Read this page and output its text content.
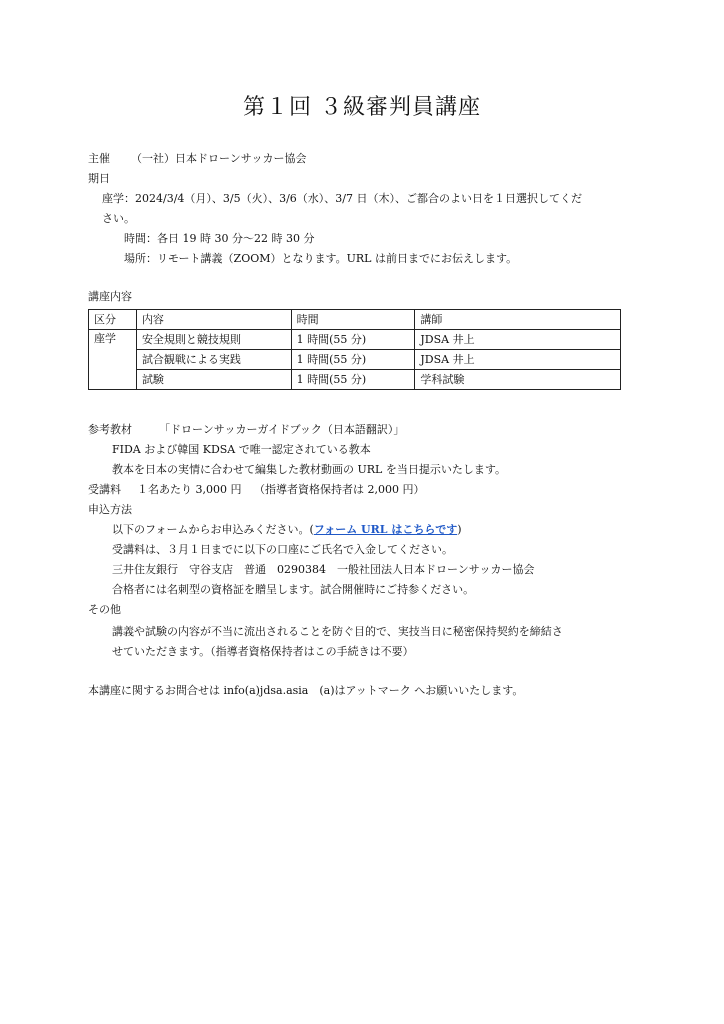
第１回 ３級審判員講座
主催 （一社）日本ドローンサッカー協会
期日
座学：2024/3/4（月）、3/5（火）、3/6（水）、3/7 日（木）、ご都合のよい日を１日選択してくだ
さい。
時間：各日 19 時 30 分～22 時 30 分
場所：リモート講義（ZOOM）となります。URL は前日までにお伝えします。
講座内容
区分	内容	時間	講師
座学	安全規則と競技規則	1 時間(55 分)	JDSA 井上
	試合観戦による実践	1 時間(55 分)	JDSA 井上
	試験	1 時間(55 分)	学科試験
参考教材 「ドローンサッカーガイドブック（日本語翻訳）」
FIDA および韓国 KDSA で唯一認定されている教本
教本を日本の実情に合わせて編集した教材動画の URL を当日提示いたします。
受講料 １名あたり 3,000 円 （指導者資格保持者は 2,000 円）
申込方法
以下のフォームからお申込みください。(フォーム URL はこちらです)
受講料は、３月１日までに以下の口座にご氏名で入金してください。
三井住友銀行　守谷支店　普通　0290384　一般社団法人日本ドローンサッカー協会
合格者には名刺型の資格証を贈呈します。試合開催時にご持参ください。
その他
講義や試験の内容が不当に流出されることを防ぐ目的で、実技当日に秘密保持契約を締結さ
せていただきます。（指導者資格保持者はこの手続きは不要）
本講座に関するお問合せは info(a)jdsa.asia　(a)はアットマーク へお願いいたします。
